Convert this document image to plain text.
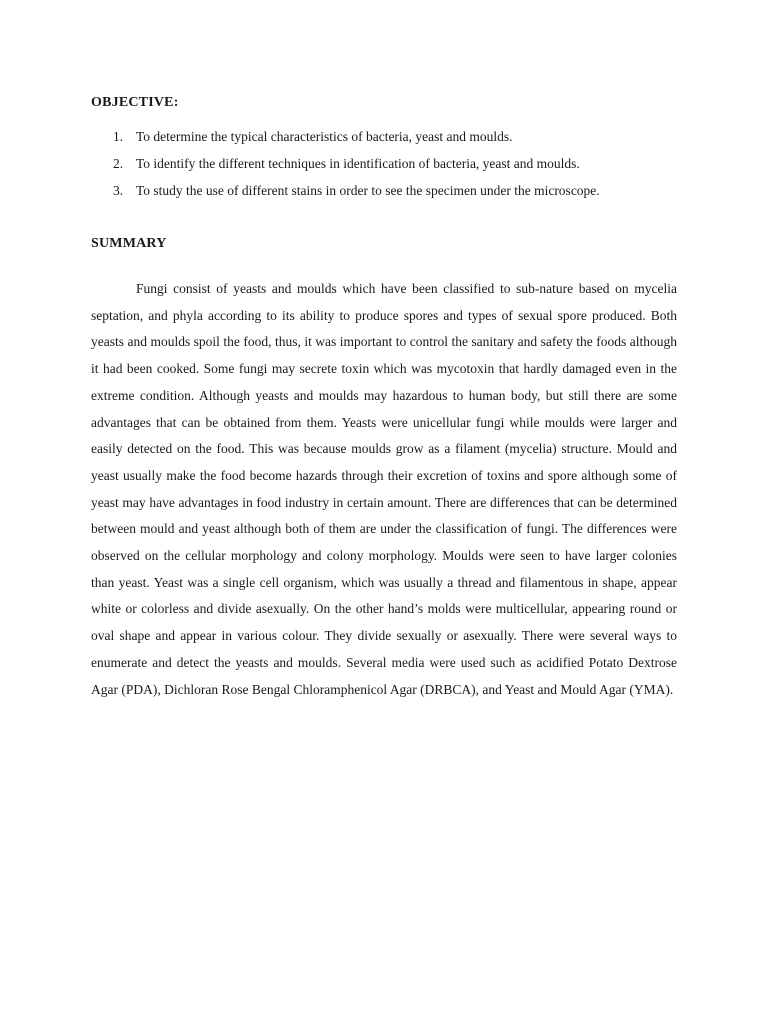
OBJECTIVE:
1. To determine the typical characteristics of bacteria, yeast and moulds.
2. To identify the different techniques in identification of bacteria, yeast and moulds.
3. To study the use of different stains in order to see the specimen under the microscope.
SUMMARY

Fungi consist of yeasts and moulds which have been classified to sub-nature based on mycelia septation, and phyla according to its ability to produce spores and types of sexual spore produced. Both yeasts and moulds spoil the food, thus, it was important to control the sanitary and safety the foods although it had been cooked. Some fungi may secrete toxin which was mycotoxin that hardly damaged even in the extreme condition. Although yeasts and moulds may hazardous to human body, but still there are some advantages that can be obtained from them. Yeasts were unicellular fungi while moulds were larger and easily detected on the food. This was because moulds grow as a filament (mycelia) structure. Mould and yeast usually make the food become hazards through their excretion of toxins and spore although some of yeast may have advantages in food industry in certain amount. There are differences that can be determined between mould and yeast although both of them are under the classification of fungi. The differences were observed on the cellular morphology and colony morphology. Moulds were seen to have larger colonies than yeast. Yeast was a single cell organism, which was usually a thread and filamentous in shape, appear white or colorless and divide asexually. On the other hand’s molds were multicellular, appearing round or oval shape and appear in various colour. They divide sexually or asexually. There were several ways to enumerate and detect the yeasts and moulds. Several media were used such as acidified Potato Dextrose Agar (PDA), Dichloran Rose Bengal Chloramphenicol Agar (DRBCA), and Yeast and Mould Agar (YMA).
